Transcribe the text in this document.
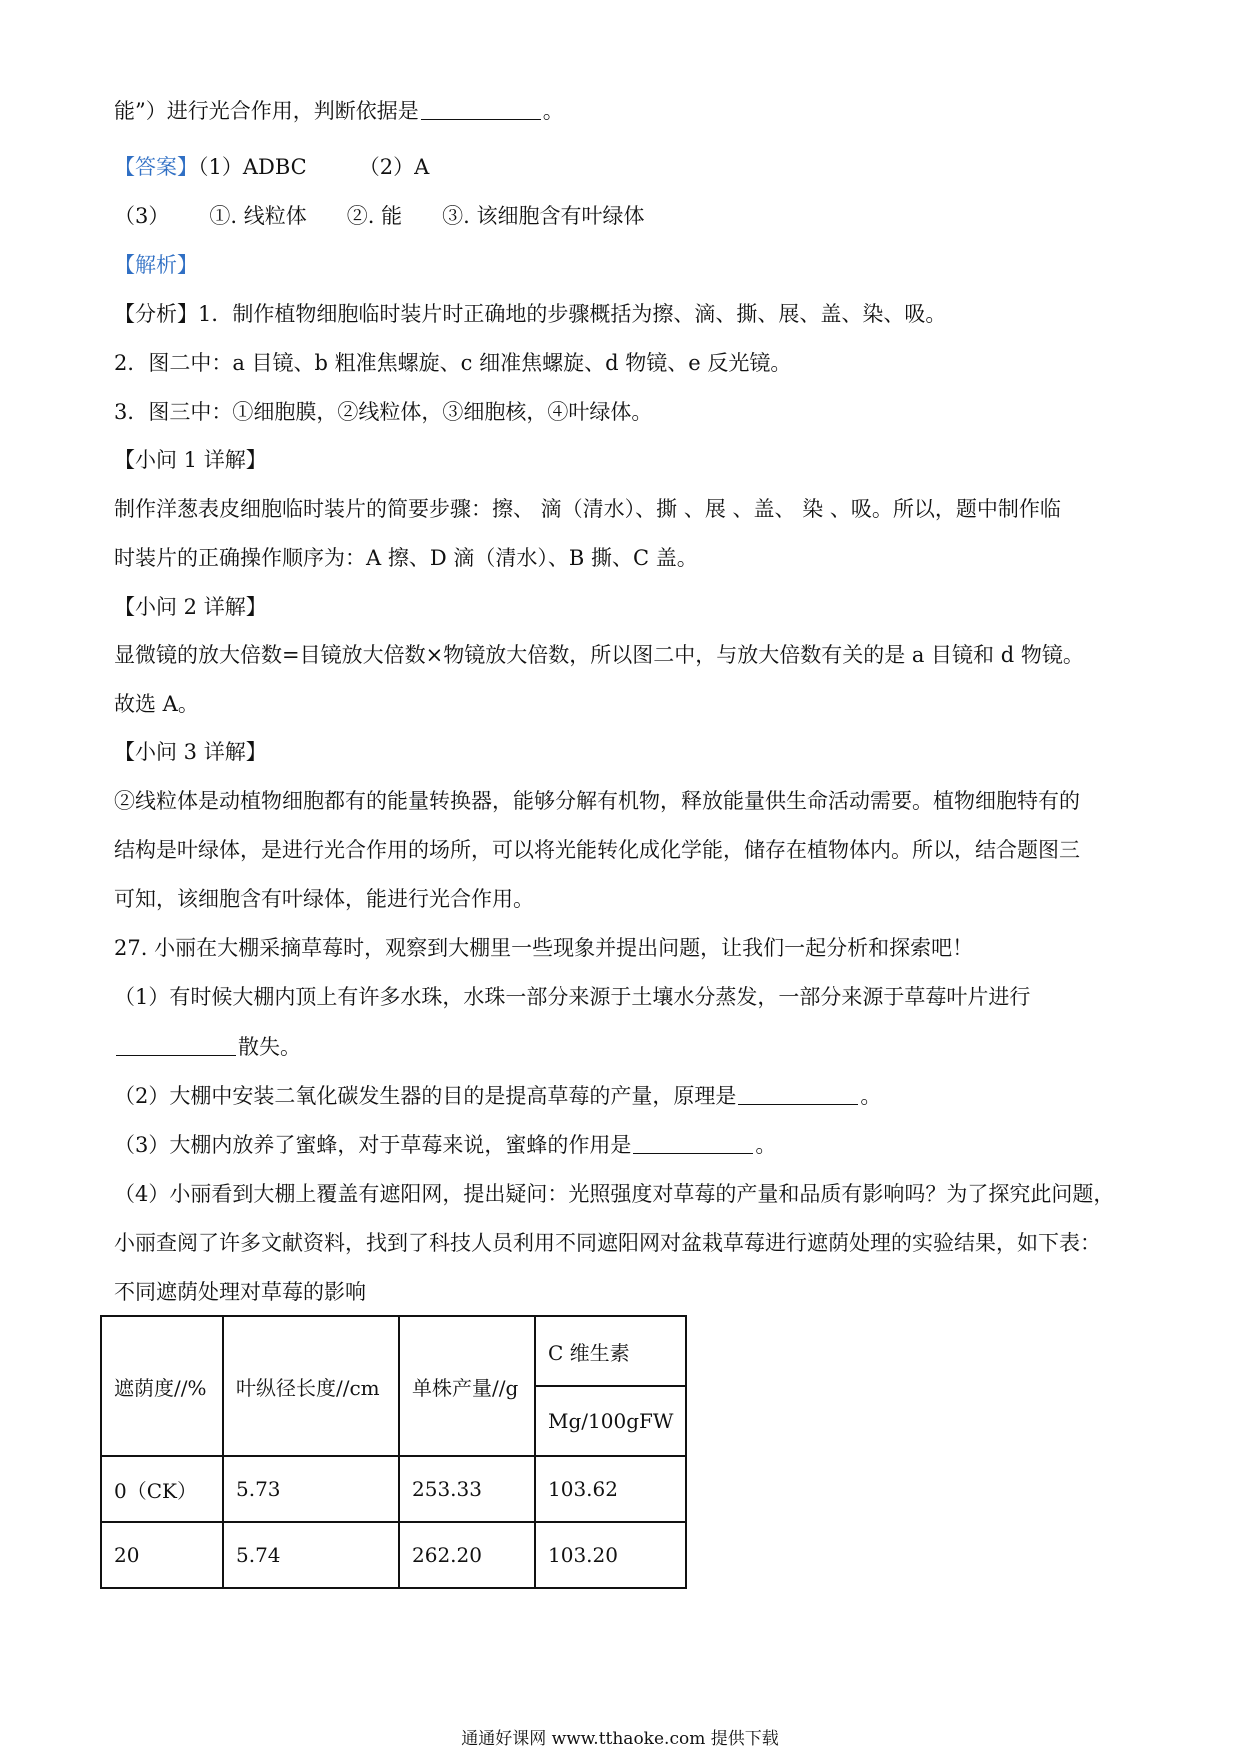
能”）进行光合作用，判断依据是	。
【答案】（1）ADBC （2）A
（3） ①. 线粒体 ②. 能 ③. 该细胞含有叶绿体
【解析】
【分析】1．制作植物细胞临时装片时正确地的步骤概括为擦、滴、撕、展、盖、染、吸。
2．图二中：a 目镜、b 粗准焦螺旋、c 细准焦螺旋、d 物镜、e 反光镜。
3．图三中：①细胞膜，②线粒体，③细胞核，④叶绿体。
【小问 1 详解】
制作洋葱表皮细胞临时装片的简要步骤：擦、 滴（清水）、撕 、展 、盖、 染 、吸。所以，题中制作临
时装片的正确操作顺序为：A 擦、D 滴（清水）、B 撕、C 盖。
【小问 2 详解】
显微镜的放大倍数=目镜放大倍数×物镜放大倍数，所以图二中，与放大倍数有关的是 a 目镜和 d 物镜。
故选 A。
【小问 3 详解】
②线粒体是动植物细胞都有的能量转换器，能够分解有机物，释放能量供生命活动需要。植物细胞特有的
结构是叶绿体，是进行光合作用的场所，可以将光能转化成化学能，储存在植物体内。所以，结合题图三
可知，该细胞含有叶绿体，能进行光合作用。
27. 小丽在大棚采摘草莓时，观察到大棚里一些现象并提出问题，让我们一起分析和探索吧！
（1）有时候大棚内顶上有许多水珠，水珠一部分来源于土壤水分蒸发，一部分来源于草莓叶片进行
散失。
（2）大棚中安装二氧化碳发生器的目的是提高草莓的产量，原理是	。
（3）大棚内放养了蜜蜂，对于草莓来说，蜜蜂的作用是	。
（4）小丽看到大棚上覆盖有遮阳网，提出疑问：光照强度对草莓的产量和品质有影响吗？为了探究此问题，
小丽查阅了许多文献资料，找到了科技人员利用不同遮阳网对盆栽草莓进行遮荫处理的实验结果，如下表：
不同遮荫处理对草莓的影响
遮荫度//%	叶纵径长度//cm	单株产量//g	C 维生素
			Mg/100gFW
0（CK）	5.73	253.33	103.62
20	5.74	262.20	103.20
通通好课网 www.tthaoke.com 提供下载
